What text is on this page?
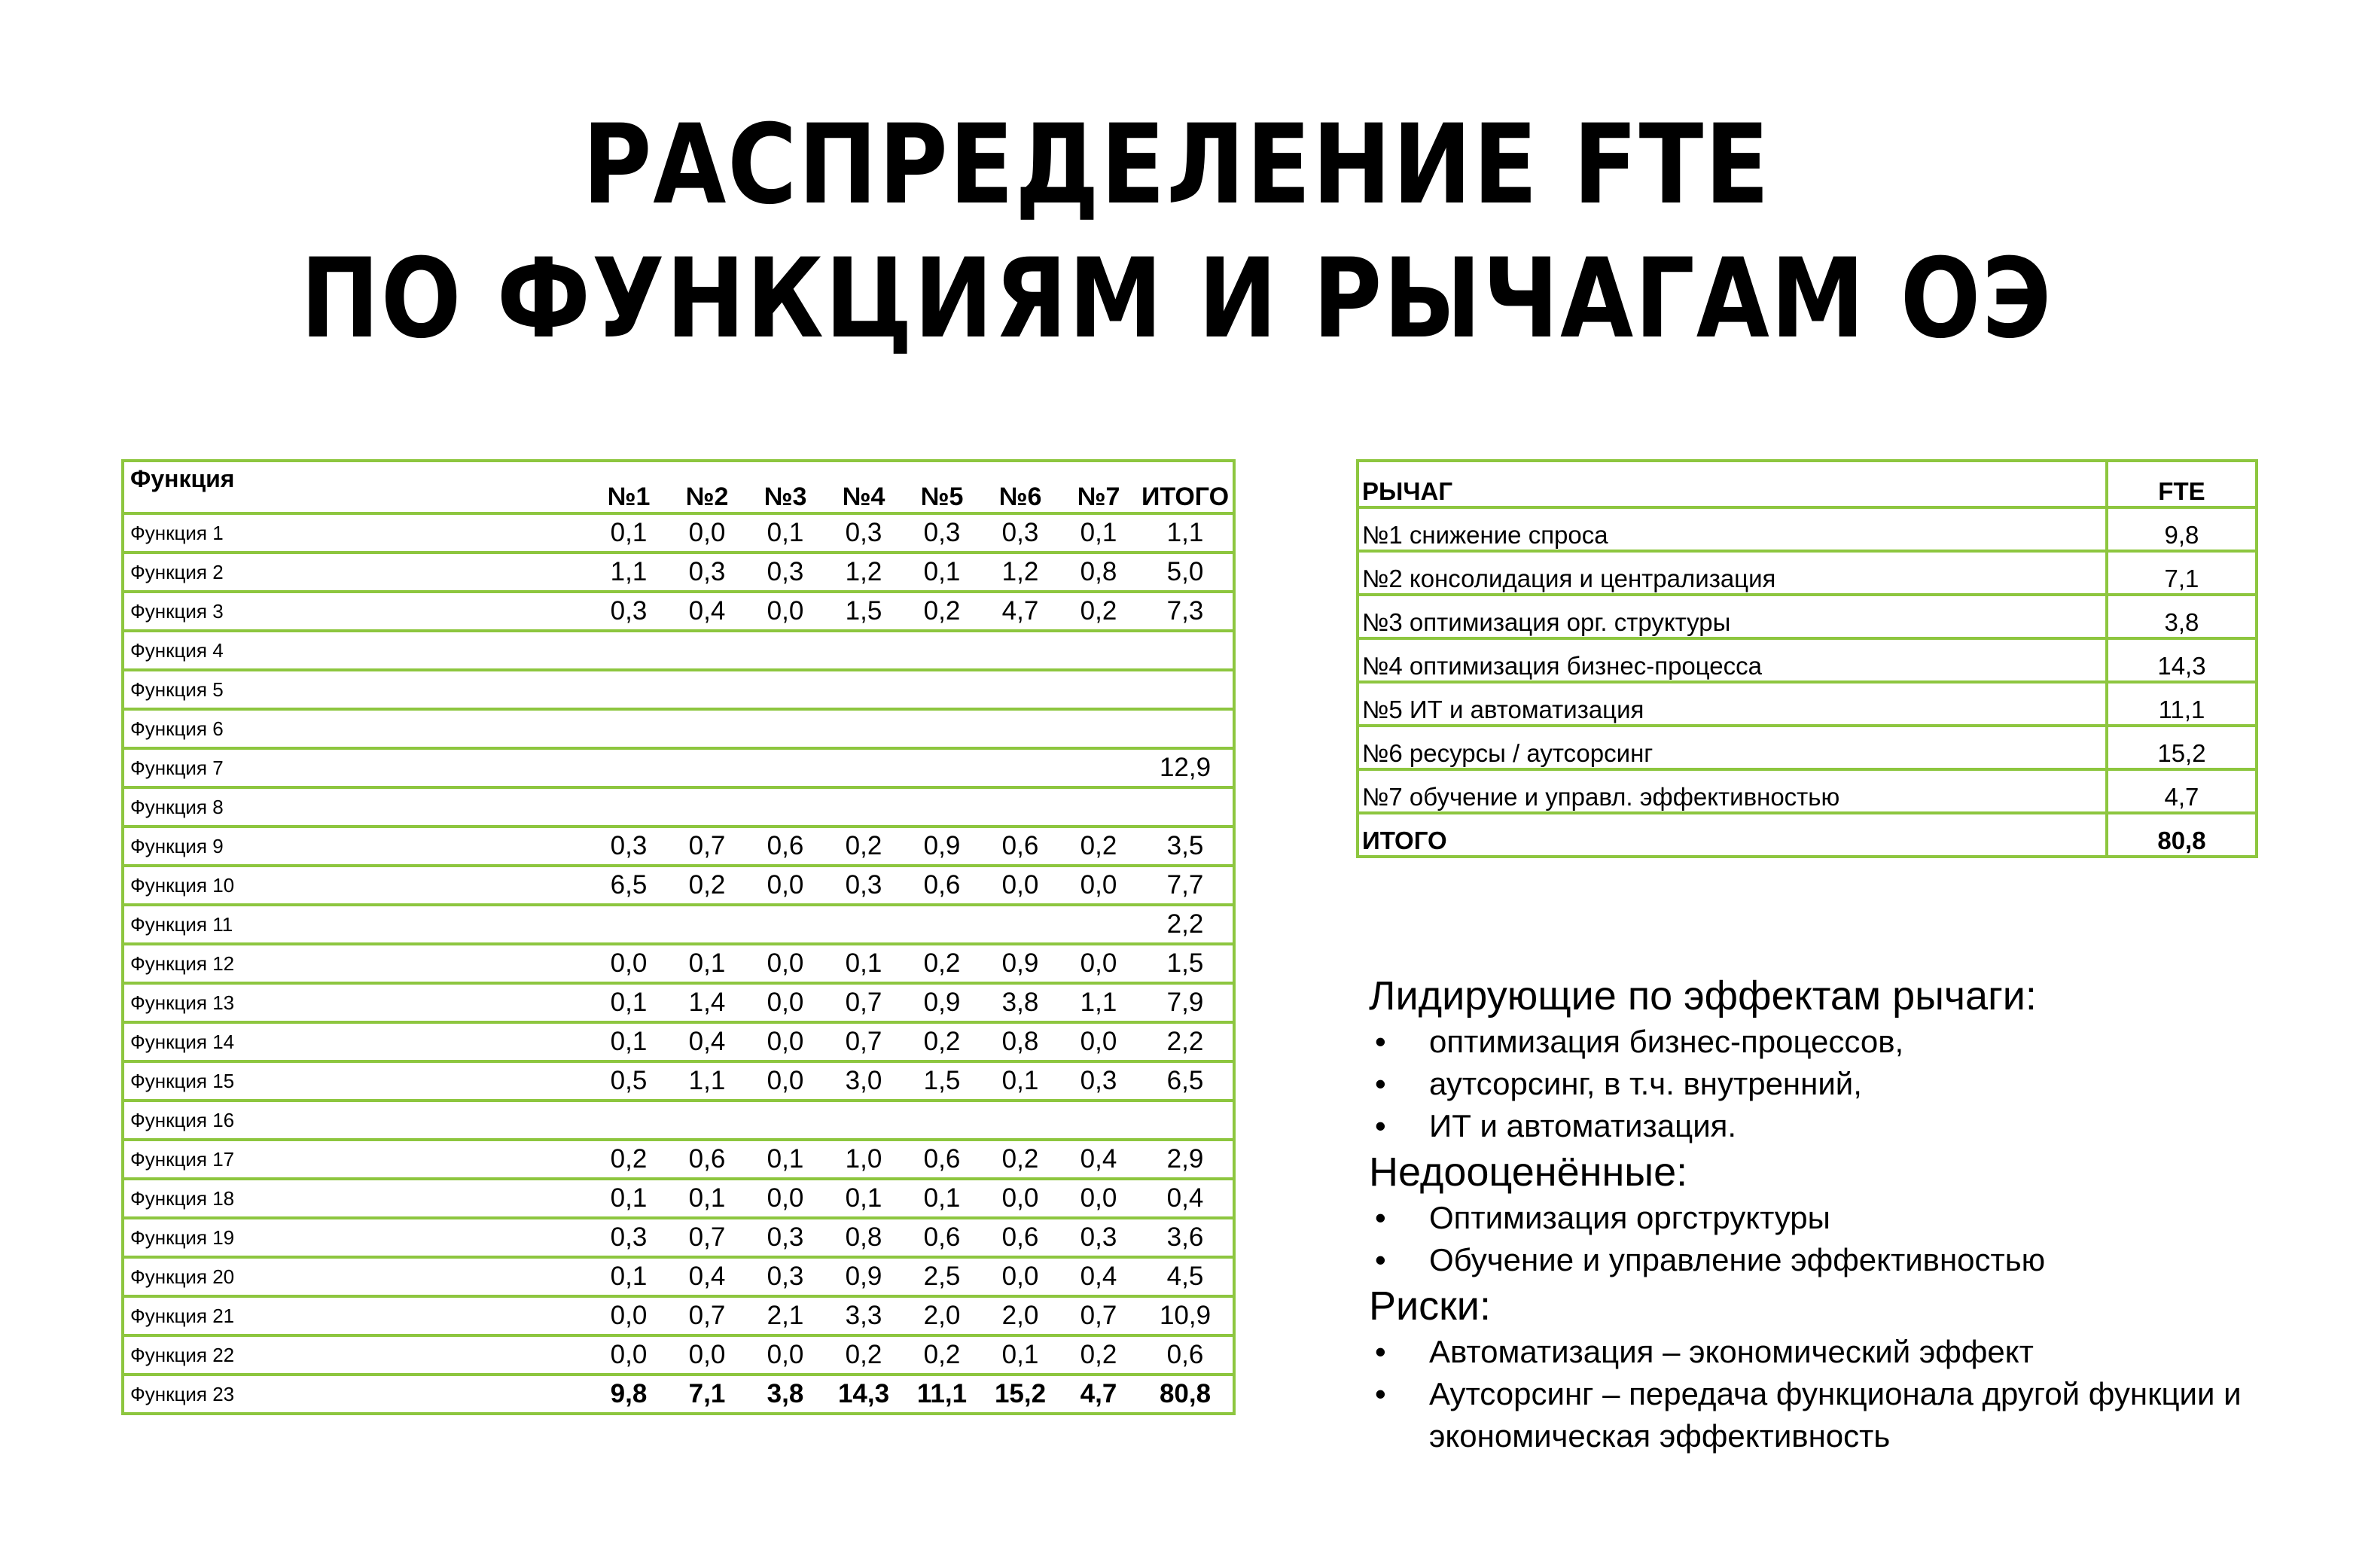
РАСПРЕДЕЛЕНИЕ FTE
ПО ФУНКЦИЯМ И РЫЧАГАМ ОЭ
Функция	№1	№2	№3	№4	№5	№6	№7	ИТОГО
Функция 1	0,1	0,0	0,1	0,3	0,3	0,3	0,1	1,1
Функция 2	1,1	0,3	0,3	1,2	0,1	1,2	0,8	5,0
Функция 3	0,3	0,4	0,0	1,5	0,2	4,7	0,2	7,3
Функция 4								
Функция 5								
Функция 6								
Функция 7								12,9
Функция 8								
Функция 9	0,3	0,7	0,6	0,2	0,9	0,6	0,2	3,5
Функция 10	6,5	0,2	0,0	0,3	0,6	0,0	0,0	7,7
Функция 11								2,2
Функция 12	0,0	0,1	0,0	0,1	0,2	0,9	0,0	1,5
Функция 13	0,1	1,4	0,0	0,7	0,9	3,8	1,1	7,9
Функция 14	0,1	0,4	0,0	0,7	0,2	0,8	0,0	2,2
Функция 15	0,5	1,1	0,0	3,0	1,5	0,1	0,3	6,5
Функция 16								
Функция 17	0,2	0,6	0,1	1,0	0,6	0,2	0,4	2,9
Функция 18	0,1	0,1	0,0	0,1	0,1	0,0	0,0	0,4
Функция 19	0,3	0,7	0,3	0,8	0,6	0,6	0,3	3,6
Функция 20	0,1	0,4	0,3	0,9	2,5	0,0	0,4	4,5
Функция 21	0,0	0,7	2,1	3,3	2,0	2,0	0,7	10,9
Функция 22	0,0	0,0	0,0	0,2	0,2	0,1	0,2	0,6
Функция 23	9,8	7,1	3,8	14,3	11,1	15,2	4,7	80,8
РЫЧАГ	FTE
№1 снижение спроса	9,8
№2 консолидация и централизация	7,1
№3 оптимизация орг. структуры	3,8
№4 оптимизация бизнес-процесса	14,3
№5 ИТ и автоматизация	11,1
№6 ресурсы / аутсорсинг	15,2
№7 обучение и управл. эффективностью	4,7
ИТОГО	80,8
Лидирующие по эффектам рычаги:
• оптимизация бизнес-процессов,
• аутсорсинг, в т.ч. внутренний,
• ИТ и автоматизация.
Недооценённые:
• Оптимизация оргструктуры
• Обучение и управление эффективностью
Риски:
• Автоматизация – экономический эффект
• Аутсорсинг – передача функционала другой функции и экономическая эффективность
